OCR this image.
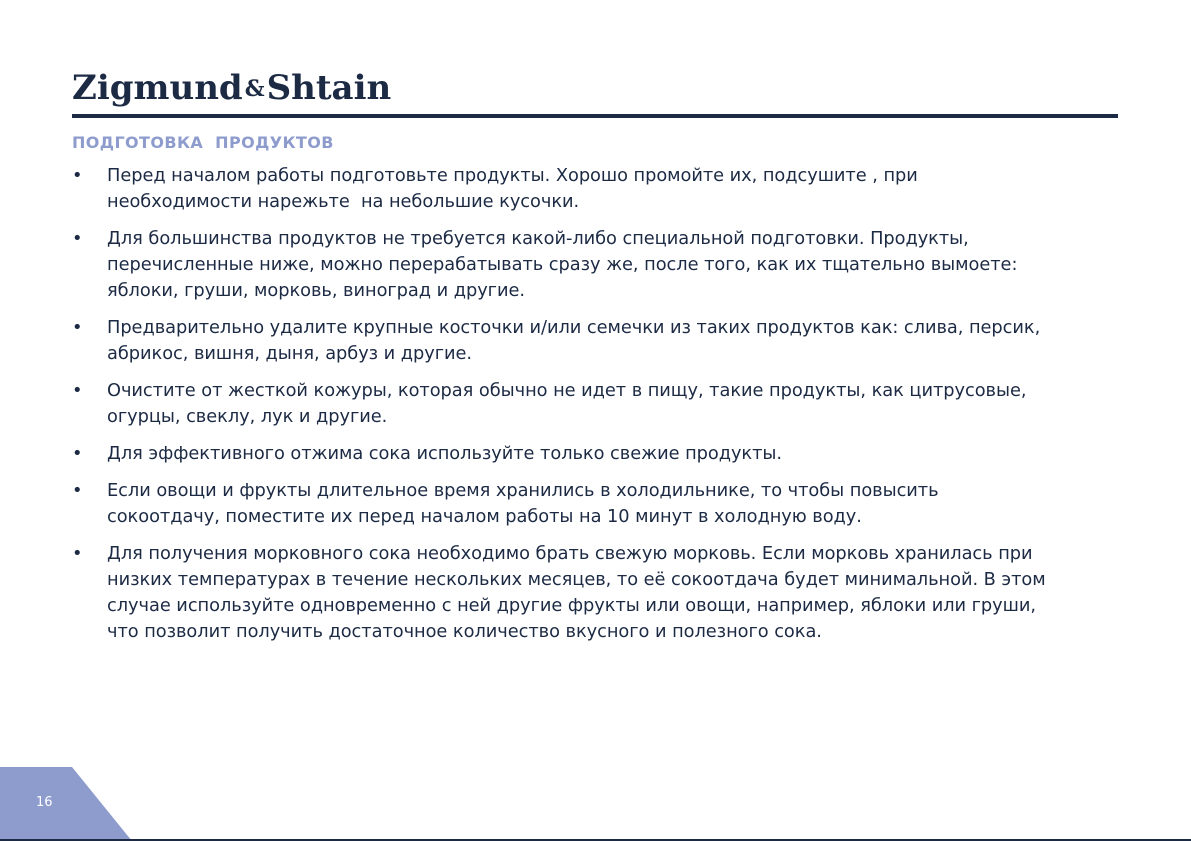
Zigmund&Shtain
ПОДГОТОВКА  ПРОДУКТОВ
•	Перед началом работы подготовьте продукты. Хорошо промойте их, подсушите , при
необходимости нарежьте  на небольшие кусочки.
•	Для большинства продуктов не требуется какой-либо специальной подготовки. Продукты,
перечисленные ниже, можно перерабатывать сразу же, после того, как их тщательно вымоете:
яблоки, груши, морковь, виноград и другие.
•	Предварительно удалите крупные косточки и/или семечки из таких продуктов как: слива, персик,
абрикос, вишня, дыня, арбуз и другие.
•	Очистите от жесткой кожуры, которая обычно не идет в пищу, такие продукты, как цитрусовые,
огурцы, свеклу, лук и другие.
•	Для эффективного отжима сока используйте только свежие продукты.
•	Если овощи и фрукты длительное время хранились в холодильнике, то чтобы повысить
сокоотдачу, поместите их перед началом работы на 10 минут в холодную воду.
•	Для получения морковного сока необходимо брать свежую морковь. Если морковь хранилась при
низких температурах в течение нескольких месяцев, то её сокоотдача будет минимальной. В этом
случае используйте одновременно с ней другие фрукты или овощи, например, яблоки или груши,
что позволит получить достаточное количество вкусного и полезного сока.
16
